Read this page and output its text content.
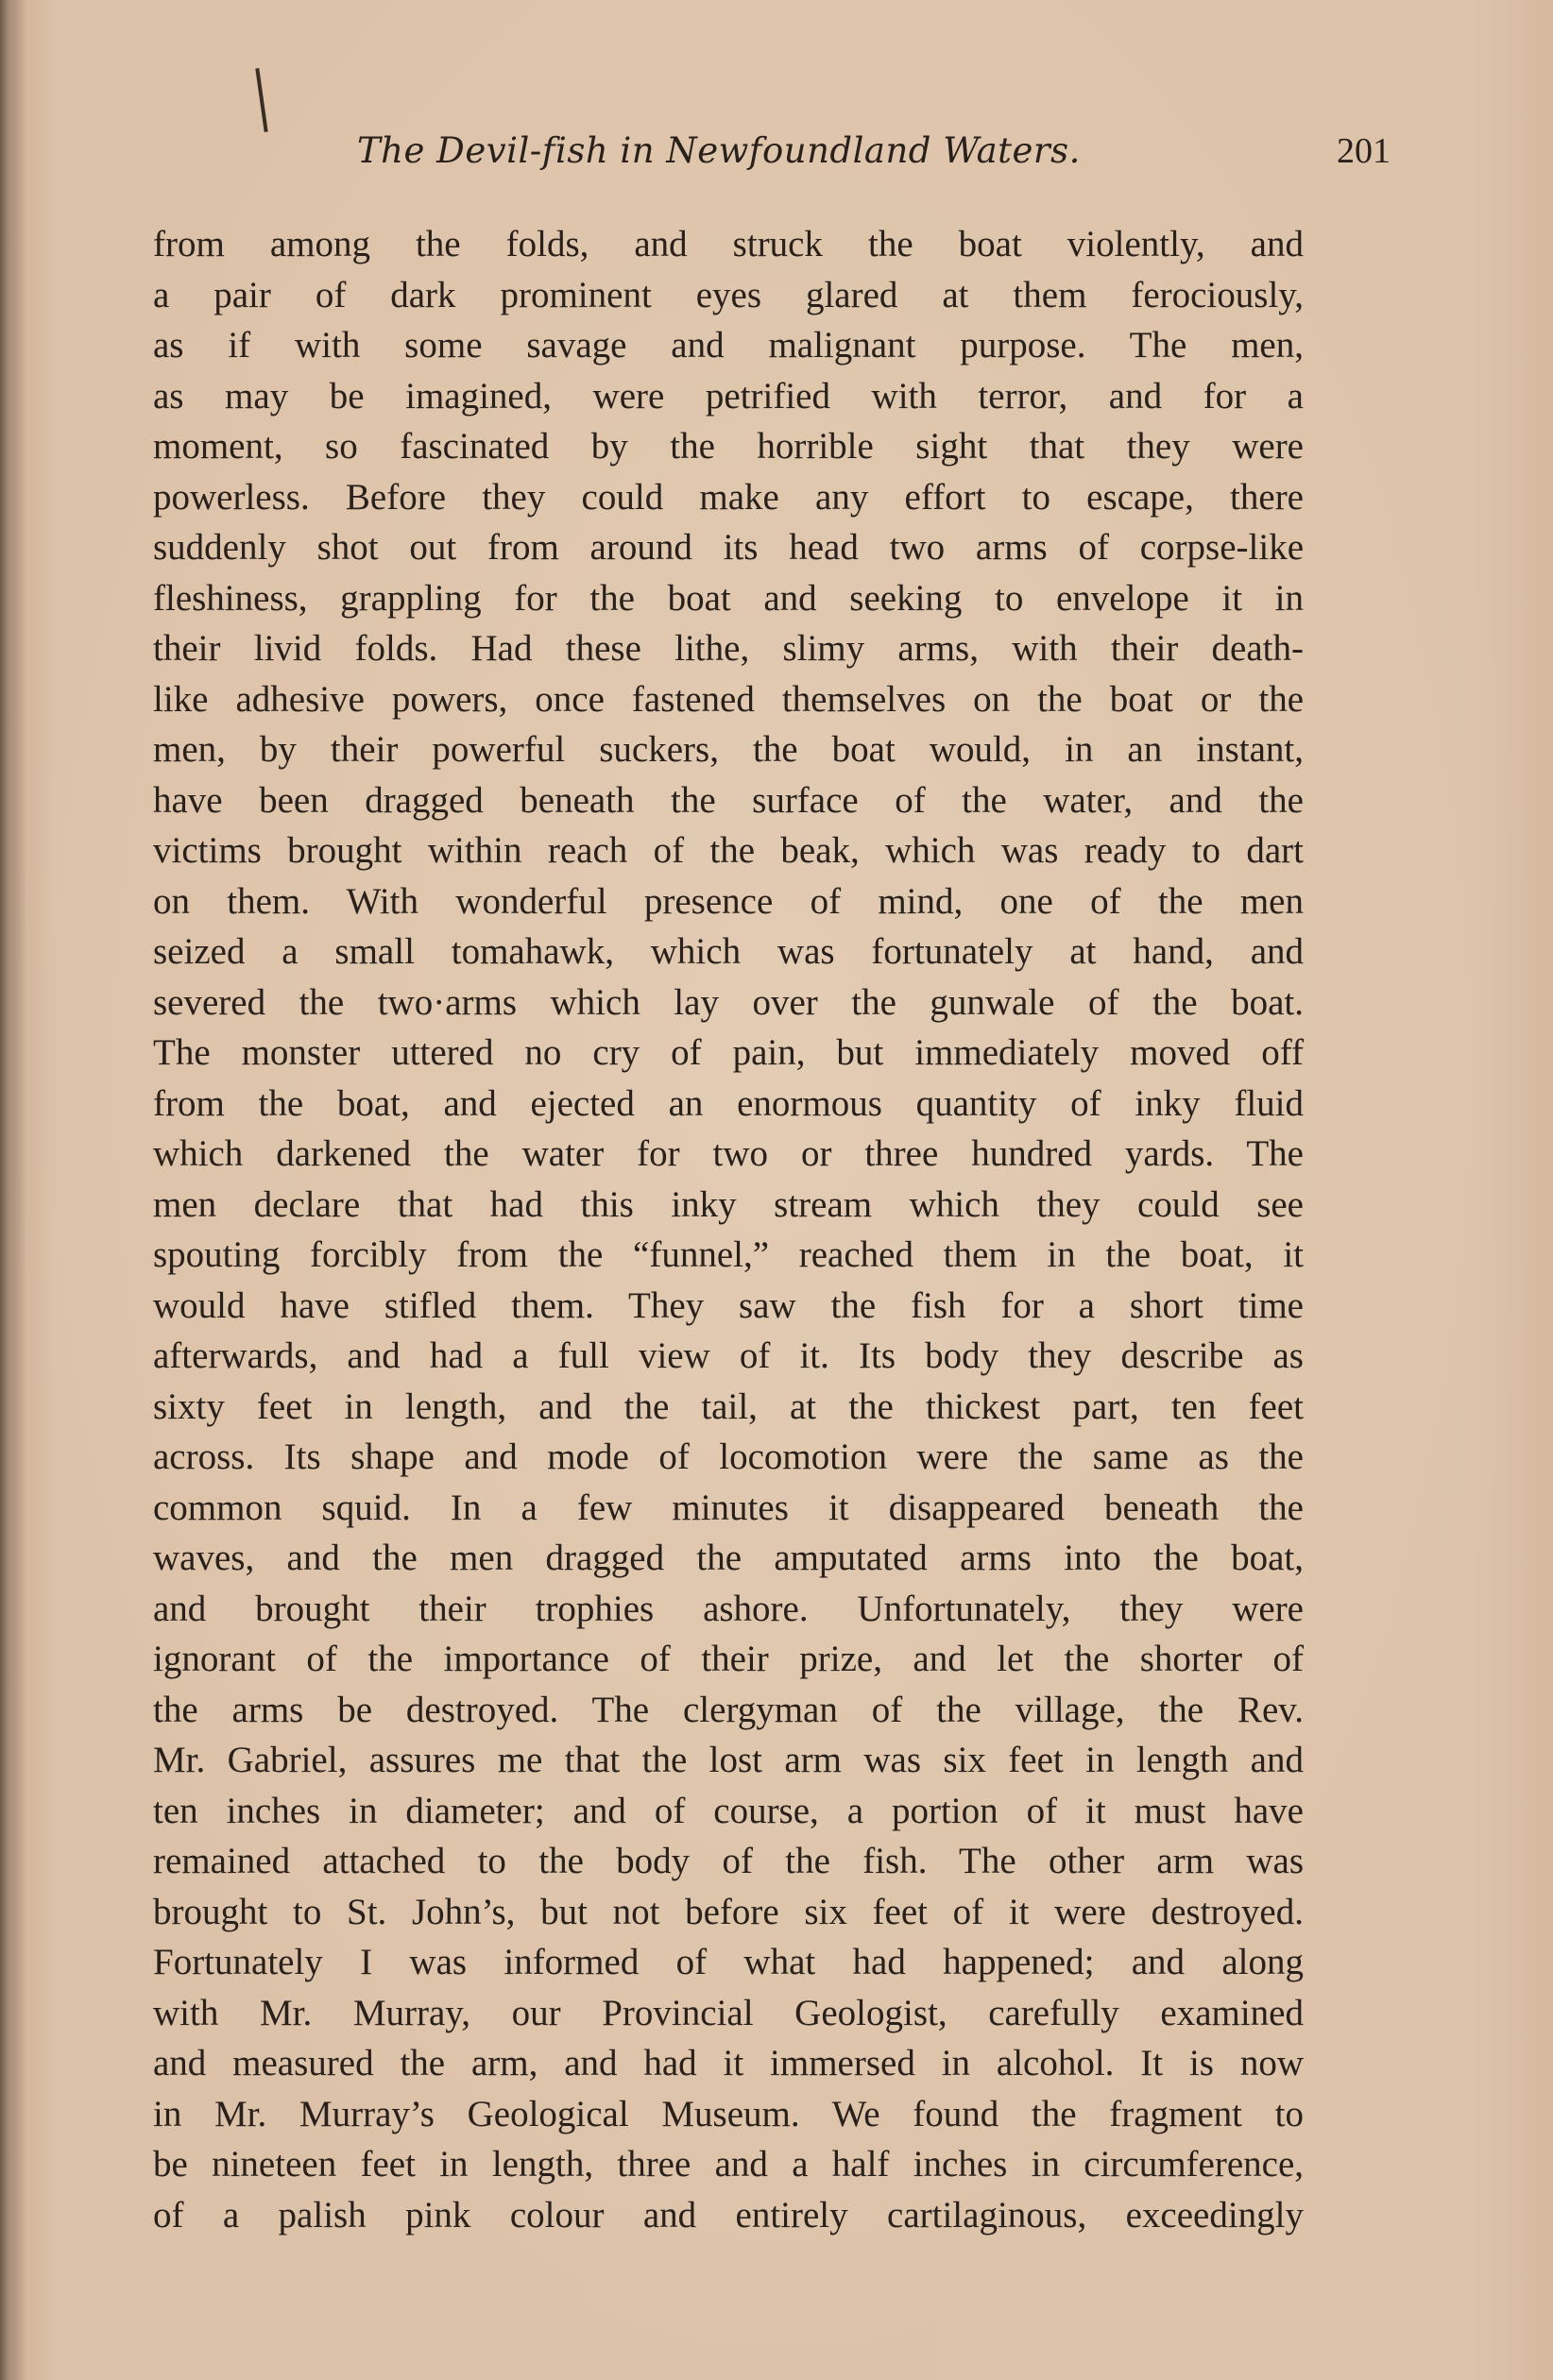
The Devil-fish in Newfoundland Waters.	201
from among the folds, and struck the boat violently, and
a pair of dark prominent eyes glared at them ferociously,
as if with some savage and malignant purpose. The men,
as may be imagined, were petrified with terror, and for a
moment, so fascinated by the horrible sight that they were
powerless. Before they could make any effort to escape, there
suddenly shot out from around its head two arms of corpse-like
fleshiness, grappling for the boat and seeking to envelope it in
their livid folds. Had these lithe, slimy arms, with their death-
like adhesive powers, once fastened themselves on the boat or the
men, by their powerful suckers, the boat would, in an instant,
have been dragged beneath the surface of the water, and the
victims brought within reach of the beak, which was ready to dart
on them. With wonderful presence of mind, one of the men
seized a small tomahawk, which was fortunately at hand, and
severed the two·arms which lay over the gunwale of the boat.
The monster uttered no cry of pain, but immediately moved off
from the boat, and ejected an enormous quantity of inky fluid
which darkened the water for two or three hundred yards. The
men declare that had this inky stream which they could see
spouting forcibly from the “funnel,” reached them in the boat, it
would have stifled them. They saw the fish for a short time
afterwards, and had a full view of it. Its body they describe as
sixty feet in length, and the tail, at the thickest part, ten feet
across. Its shape and mode of locomotion were the same as the
common squid. In a few minutes it disappeared beneath the
waves, and the men dragged the amputated arms into the boat,
and brought their trophies ashore. Unfortunately, they were
ignorant of the importance of their prize, and let the shorter of
the arms be destroyed. The clergyman of the village, the Rev.
Mr. Gabriel, assures me that the lost arm was six feet in length and
ten inches in diameter; and of course, a portion of it must have
remained attached to the body of the fish. The other arm was
brought to St. John’s, but not before six feet of it were destroyed.
Fortunately I was informed of what had happened; and along
with Mr. Murray, our Provincial Geologist, carefully examined
and measured the arm, and had it immersed in alcohol. It is now
in Mr. Murray’s Geological Museum. We found the fragment to
be nineteen feet in length, three and a half inches in circumference,
of a palish pink colour and entirely cartilaginous, exceedingly
